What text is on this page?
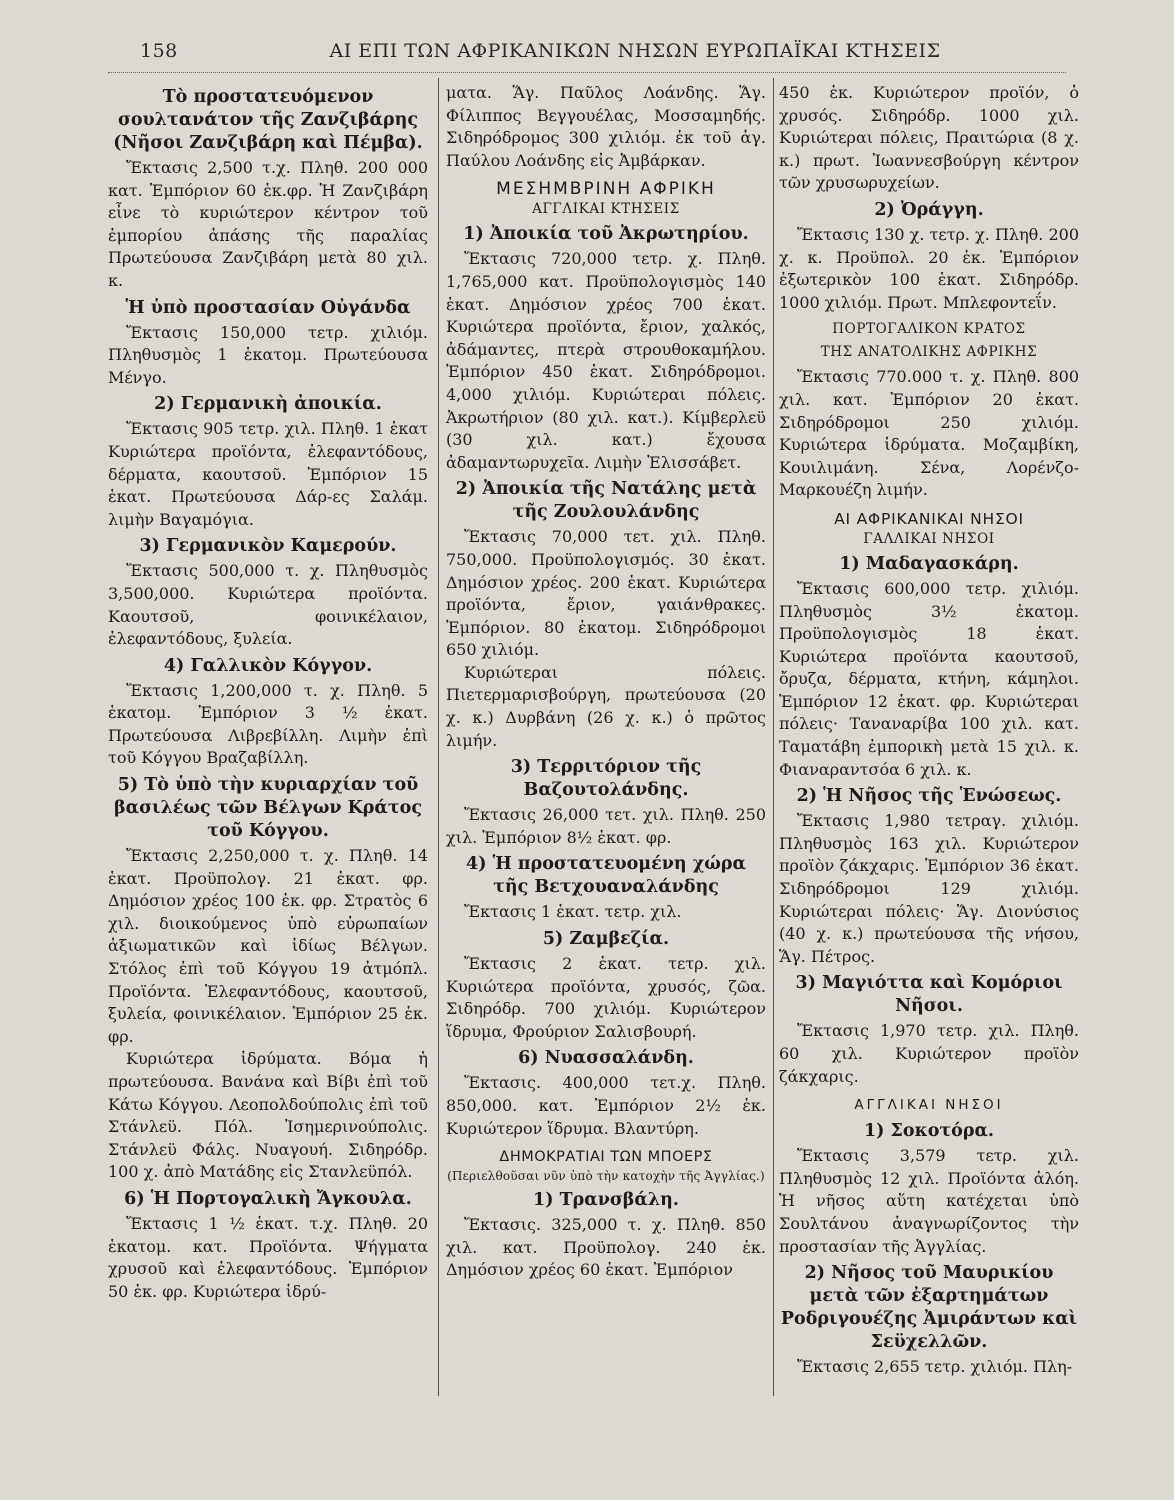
158	ΑΙ ΕΠΙ ΤΩΝ ΑΦΡΙΚΑΝΙΚΩΝ ΝΗΣΩΝ ΕΥΡΩΠΑΪΚΑΙ ΚΤΗΣΕΙΣ
Τὸ προστατευόμενον σουλτανάτον τῆς Ζανζιβάρης (Νῆσοι Ζανζιβάρη καὶ Πέμβα).

Ἔκτασις 2,500 τ.χ. Πληθ. 200 000 κατ. Ἐμπόριον 60 ἑκ.φρ. Ἡ Ζανζιβάρη εἶνε τὸ κυριώτερον κέντρον τοῦ ἐμπορίου ἁπάσης τῆς παραλίας Πρωτεύουσα Ζανζιβάρη μετὰ 80 χιλ. κ.

Ἡ ὑπὸ προστασίαν Οὐγάνδα

Ἔκτασις 150,000 τετρ. χιλιόμ. Πληθυσμὸς 1 ἑκατομ. Πρωτεύουσα Μένγο.

2) Γερμανικὴ ἀποικία.

Ἔκτασις 905 τετρ. χιλ. Πληθ. 1 ἑκατ Κυριώτερα προϊόντα, ἐλεφαντόδους, δέρματα, καουτσοῦ. Ἐμπόριον 15 ἑκατ. Πρωτεύουσα Δάρ-ες Σαλάμ. λιμὴν Βαγαμόγια.

3) Γερμανικὸν Καμερούν.

Ἔκτασις 500,000 τ. χ. Πληθυσμὸς 3,500,000. Κυριώτερα προϊόντα. Καουτσοῦ, φοινικέλαιον, ἐλεφαντόδους, ξυλεία.

4) Γαλλικὸν Κόγγον.

Ἔκτασις 1,200,000 τ. χ. Πληθ. 5 ἑκατομ. Ἐμπόριον 3 ½ ἑκατ. Πρωτεύουσα Λιβρεβίλλη. Λιμὴν ἐπὶ τοῦ Κόγγου Βραζαβίλλη.

5) Τὸ ὑπὸ τὴν κυριαρχίαν τοῦ βασιλέως τῶν Βέλγων Κράτος τοῦ Κόγγου.

Ἔκτασις 2,250,000 τ. χ. Πληθ. 14 ἑκατ. Προϋπολογ. 21 ἑκατ. φρ. Δημόσιον χρέος 100 ἑκ. φρ. Στρατὸς 6 χιλ. διοικούμενος ὑπὸ εὐρωπαίων ἀξιωματικῶν καὶ ἰδίως Βέλγων. Στόλος ἐπὶ τοῦ Κόγγου 19 ἀτμόπλ. Προϊόντα. Ἐλεφαντόδους, καουτσοῦ, ξυλεία, φοινικέλαιον. Ἐμπόριον 25 ἑκ. φρ.

Κυριώτερα ἱδρύματα. Βόμα ἡ πρωτεύουσα. Βανάνα καὶ Βίβι ἐπὶ τοῦ Κάτω Κόγγου. Λεοπολδούπολις ἐπὶ τοῦ Στάνλεϋ. Πόλ. Ἰσημερινούπολις. Στάνλεϋ Φάλς. Νυαγουή. Σιδηρόδρ. 100 χ. ἀπὸ Ματάδης εἰς Στανλεϋπόλ.

6) Ἡ Πορτογαλικὴ Ἄγκουλα.

Ἔκτασις 1 ½ ἑκατ. τ.χ. Πληθ. 20 ἑκατομ. κατ. Προϊόντα. Ψήγματα χρυσοῦ καὶ ἐλεφαντόδους. Ἐμπόριον 50 ἑκ. φρ. Κυριώτερα ἱδρύ-

ματα. Ἅγ. Παῦλος Λοάνδης. Ἅγ. Φίλιππος Βεγγουέλας, Μοσσαμηδής. Σιδηρόδρομος 300 χιλιόμ. ἐκ τοῦ ἁγ. Παύλου Λοάνδης εἰς Ἀμβάρκαν.

ΜΕΣΗΜΒΡΙΝΗ ΑΦΡΙΚΗ
ΑΓΓΛΙΚΑΙ ΚΤΗΣΕΙΣ
1) Ἀποικία τοῦ Ἀκρωτηρίου.

Ἔκτασις 720,000 τετρ. χ. Πληθ. 1,765,000 κατ. Προϋπολογισμὸς 140 ἑκατ. Δημόσιον χρέος 700 ἑκατ. Κυριώτερα προϊόντα, ἔριον, χαλκός, ἀδάμαντες, πτερὰ στρουθοκαμήλου. Ἐμπόριον 450 ἑκατ. Σιδηρόδρομοι. 4,000 χιλιόμ. Κυριώτεραι πόλεις. Ἀκρωτήριον (80 χιλ. κατ.). Κίμβερλεϋ (30 χιλ. κατ.) ἔχουσα ἀδαμαντωρυχεῖα. Λιμὴν Ἐλισσάβετ.

2) Ἀποικία τῆς Νατάλης μετὰ τῆς Ζουλουλάνδης

Ἔκτασις 70,000 τετ. χιλ. Πληθ. 750,000. Προϋπολογισμός. 30 ἑκατ. Δημόσιον χρέος. 200 ἑκατ. Κυριώτερα προϊόντα, ἔριον, γαιάνθρακες. Ἐμπόριον. 80 ἑκατομ. Σιδηρόδρομοι 650 χιλιόμ.

Κυριώτεραι πόλεις. Πιετερμαρισβούργη, πρωτεύουσα (20 χ. κ.) Δυρβάνη (26 χ. κ.) ὁ πρῶτος λιμήν.

3) Τερριτόριον τῆς Βαζουτολάνδης.

Ἔκτασις 26,000 τετ. χιλ. Πληθ. 250 χιλ. Ἐμπόριον 8½ ἑκατ. φρ.

4) Ἡ προστατευομένη χώρα τῆς Βετχουαναλάνδης

Ἔκτασις 1 ἑκατ. τετρ. χιλ.

5) Ζαμβεζία.

Ἔκτασις 2 ἑκατ. τετρ. χιλ. Κυριώτερα προϊόντα, χρυσός, ζῶα. Σιδηρόδρ. 700 χιλιόμ. Κυριώτερον ἵδρυμα, Φρούριον Σαλισβουρή.

6) Νυασσαλάνδη.

Ἔκτασις. 400,000 τετ.χ. Πληθ. 850,000. κατ. Ἐμπόριον 2½ ἑκ. Κυριώτερον ἵδρυμα. Βλαντύρη.

ΔΗΜΟΚΡΑΤΙΑΙ ΤΩΝ ΜΠΟΕΡΣ
(Περιελθοῦσαι νῦν ὑπὸ τὴν κατοχὴν τῆς Ἀγγλίας.)
1) Τρανσβάλη.

Ἔκτασις. 325,000 τ. χ. Πληθ. 850 χιλ. κατ. Προϋπολογ. 240 ἑκ. Δημόσιον χρέος 60 ἑκατ. Ἐμπόριον

450 ἑκ. Κυριώτερον προϊόν, ὁ χρυσός. Σιδηρόδρ. 1000 χιλ. Κυριώτεραι πόλεις, Πραιτώρια (8 χ. κ.) πρωτ. Ἰωαννεσβούργη κέντρον τῶν χρυσωρυχείων.

2) Ὀράγγη.

Ἔκτασις 130 χ. τετρ. χ. Πληθ. 200 χ. κ. Προϋπολ. 20 ἑκ. Ἐμπόριον ἐξωτερικὸν 100 ἑκατ. Σιδηρόδρ. 1000 χιλιόμ. Πρωτ. Μπλεφοντεΐν.

ΠΟΡΤΟΓΑΛΙΚΟΝ ΚΡΑΤΟΣ
ΤΗΣ ΑΝΑΤΟΛΙΚΗΣ ΑΦΡΙΚΗΣ

Ἔκτασις 770.000 τ. χ. Πληθ. 800 χιλ. κατ. Ἐμπόριον 20 ἑκατ. Σιδηρόδρομοι 250 χιλιόμ. Κυριώτερα ἱδρύματα. Μοζαμβίκη, Κουιλιμάνη. Σένα, Λορένζο-Μαρκουέζη λιμήν.

ΑΙ ΑΦΡΙΚΑΝΙΚΑΙ ΝΗΣΟΙ
ΓΑΛΛΙΚΑΙ ΝΗΣΟΙ
1) Μαδαγασκάρη.

Ἔκτασις 600,000 τετρ. χιλιόμ. Πληθυσμὸς 3½ ἑκατομ. Προϋπολογισμὸς 18 ἑκατ. Κυριώτερα προϊόντα καουτσοῦ, ὄρυζα, δέρματα, κτήνη, κάμηλοι. Ἐμπόριον 12 ἑκατ. φρ. Κυριώτεραι πόλεις· Ταναναρίβα 100 χιλ. κατ. Ταματάβη ἐμπορικὴ μετὰ 15 χιλ. κ. Φιαναραντσόα 6 χιλ. κ.

2) Ἡ Νῆσος τῆς Ἑνώσεως.

Ἔκτασις 1,980 τετραγ. χιλιόμ. Πληθυσμὸς 163 χιλ. Κυριώτερον προϊὸν ζάκχαρις. Ἐμπόριον 36 ἑκατ. Σιδηρόδρομοι 129 χιλιόμ. Κυριώτεραι πόλεις· Ἅγ. Διονύσιος (40 χ. κ.) πρωτεύουσα τῆς νήσου, Ἅγ. Πέτρος.

3) Μαγιόττα καὶ Κομόριοι Νῆσοι.

Ἔκτασις 1,970 τετρ. χιλ. Πληθ. 60 χιλ. Κυριώτερον προϊὸν ζάκχαρις.

ΑΓΓΛΙΚΑΙ ΝΗΣΟΙ
1) Σοκοτόρα.

Ἔκτασις 3,579 τετρ. χιλ. Πληθυσμὸς 12 χιλ. Προϊόντα ἀλόη. Ἡ νῆσος αὕτη κατέχεται ὑπὸ Σουλτάνου ἀναγνωρίζοντος τὴν προστασίαν τῆς Ἀγγλίας.

2) Νῆσος τοῦ Μαυρικίου μετὰ τῶν ἐξαρτημάτων Ροδριγουέζης Ἀμιράντων καὶ Σεϋχελλῶν.

Ἔκτασις 2,655 τετρ. χιλιόμ. Πλη-
